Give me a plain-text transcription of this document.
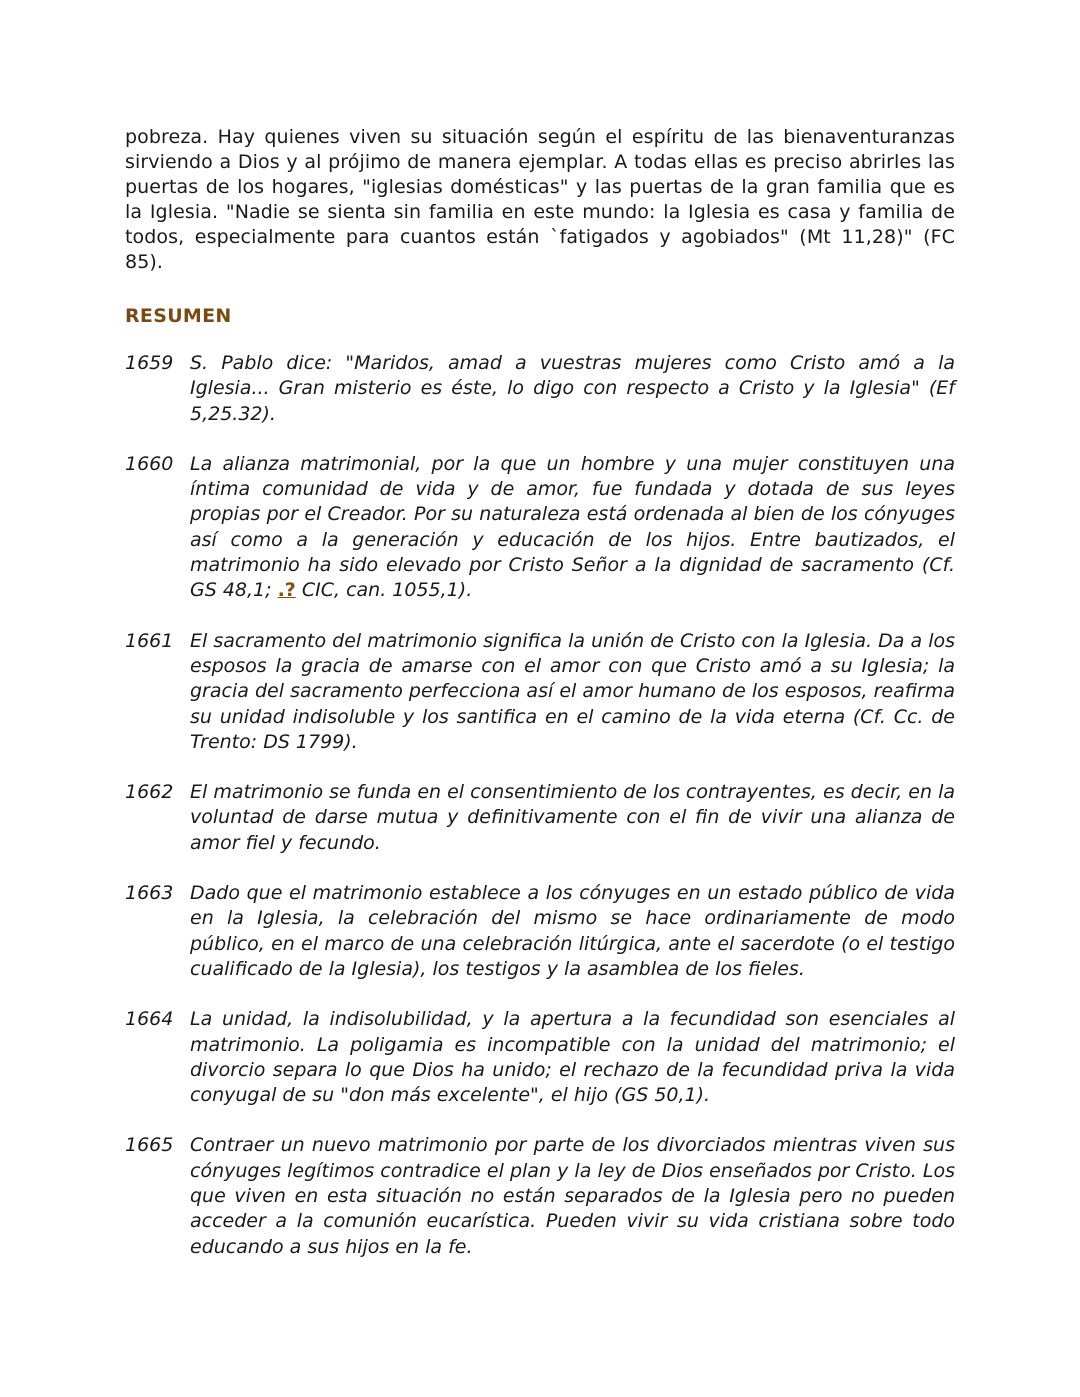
pobreza. Hay quienes viven su situación según el espíritu de las bienaventuranzas sirviendo a Dios y al prójimo de manera ejemplar. A todas ellas es preciso abrirles las puertas de los hogares, "iglesias domésticas" y las puertas de la gran familia que es la Iglesia. "Nadie se sienta sin familia en este mundo: la Iglesia es casa y familia de todos, especialmente para cuantos están `fatigados y agobiados" (Mt 11,28)" (FC 85).

RESUMEN
1659 S. Pablo dice: "Maridos, amad a vuestras mujeres como Cristo amó a la Iglesia... Gran misterio es éste, lo digo con respecto a Cristo y la Iglesia" (Ef 5,25.32).
1660 La alianza matrimonial, por la que un hombre y una mujer constituyen una íntima comunidad de vida y de amor, fue fundada y dotada de sus leyes propias por el Creador. Por su naturaleza está ordenada al bien de los cónyuges así como a la generación y educación de los hijos. Entre bautizados, el matrimonio ha sido elevado por Cristo Señor a la dignidad de sacramento (Cf. GS 48,1; .? CIC, can. 1055,1).
1661 El sacramento del matrimonio significa la unión de Cristo con la Iglesia. Da a los esposos la gracia de amarse con el amor con que Cristo amó a su Iglesia; la gracia del sacramento perfecciona así el amor humano de los esposos, reafirma su unidad indisoluble y los santifica en el camino de la vida eterna (Cf. Cc. de Trento: DS 1799).
1662 El matrimonio se funda en el consentimiento de los contrayentes, es decir, en la voluntad de darse mutua y definitivamente con el fin de vivir una alianza de amor fiel y fecundo.
1663 Dado que el matrimonio establece a los cónyuges en un estado público de vida en la Iglesia, la celebración del mismo se hace ordinariamente de modo público, en el marco de una celebración litúrgica, ante el sacerdote (o el testigo cualificado de la Iglesia), los testigos y la asamblea de los fieles.
1664 La unidad, la indisolubilidad, y la apertura a la fecundidad son esenciales al matrimonio. La poligamia es incompatible con la unidad del matrimonio; el divorcio separa lo que Dios ha unido; el rechazo de la fecundidad priva la vida conyugal de su "don más excelente", el hijo (GS 50,1).
1665 Contraer un nuevo matrimonio por parte de los divorciados mientras viven sus cónyuges legítimos contradice el plan y la ley de Dios enseñados por Cristo. Los que viven en esta situación no están separados de la Iglesia pero no pueden acceder a la comunión eucarística. Pueden vivir su vida cristiana sobre todo educando a sus hijos en la fe.
